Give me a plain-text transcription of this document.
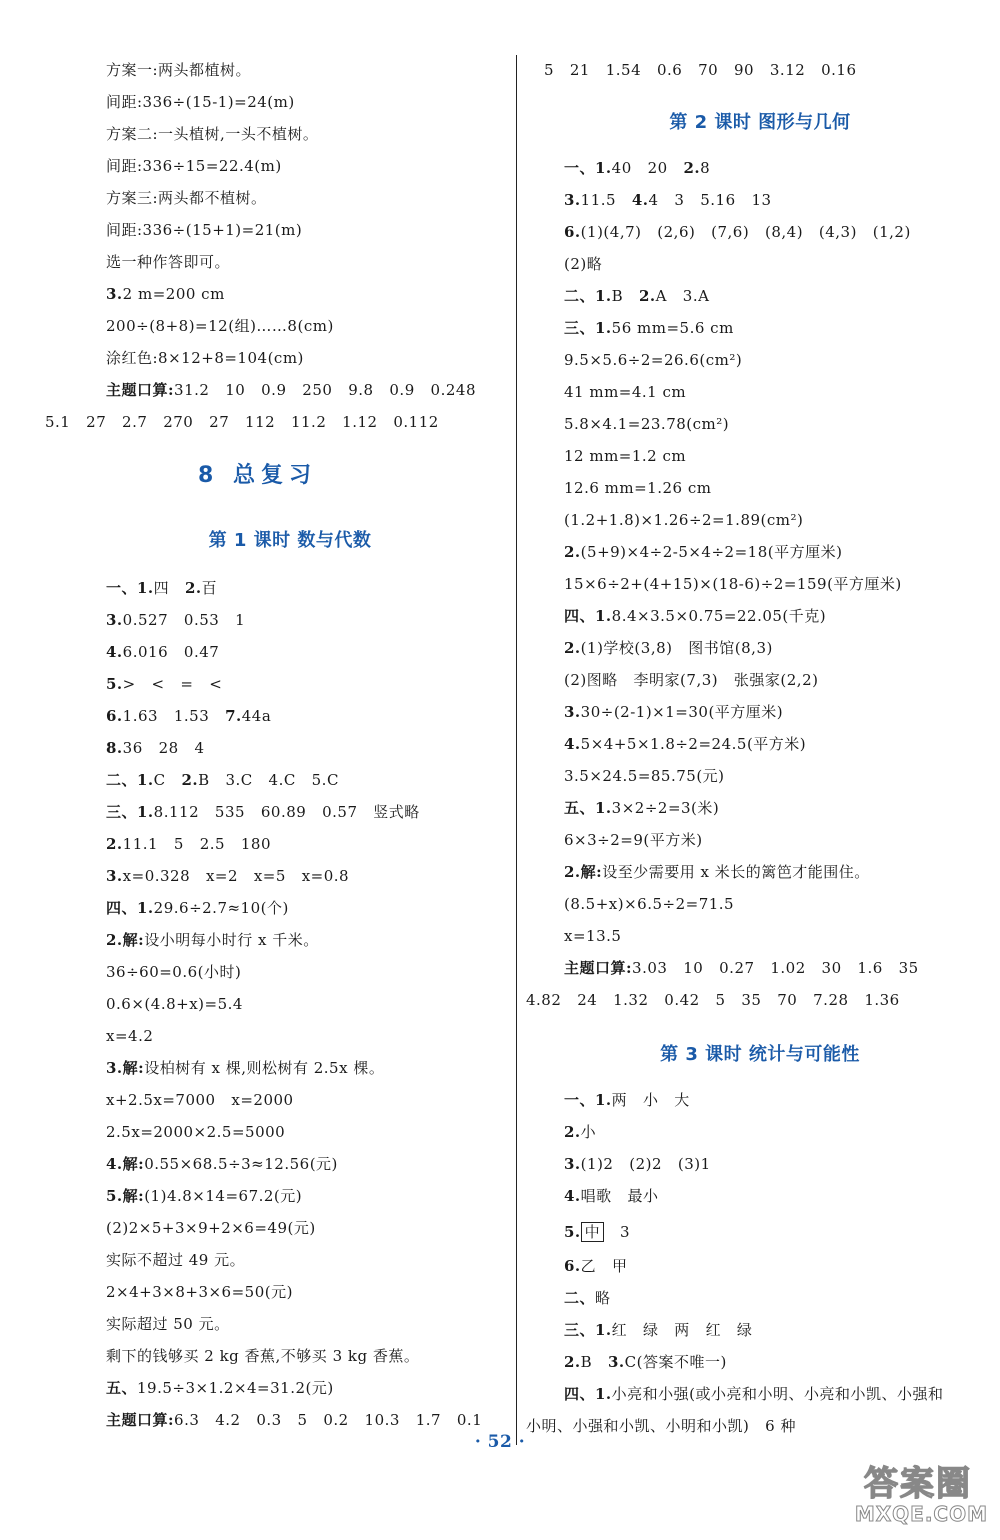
方案一:两头都植树。
间距:336÷(15-1)=24(m)
方案二:一头植树,一头不植树。
间距:336÷15=22.4(m)
方案三:两头都不植树。
间距:336÷(15+1)=21(m)
选一种作答即可。
3.2 m=200 cm
200÷(8+8)=12(组)……8(cm)
涂红色:8×12+8=104(cm)
主题口算:31.2   10   0.9   250   9.8   0.9   0.248
5.1   27   2.7   270   27   112   11.2   1.12   0.112
8 总复习
第 1 课时 数与代数
一、1.四   2.百
3.0.527   0.53   1
4.6.016   0.47
5.>   <   =   <
6.1.63   1.53   7.44a
8.36   28   4
二、1.C   2.B   3.C   4.C   5.C
三、1.8.112   535   60.89   0.57   竖式略
2.11.1   5   2.5   180
3.x=0.328   x=2   x=5   x=0.8
四、1.29.6÷2.7≈10(个)
2.解:设小明每小时行 x 千米。
36÷60=0.6(小时)
0.6×(4.8+x)=5.4
x=4.2
3.解:设柏树有 x 棵,则松树有 2.5x 棵。
x+2.5x=7000   x=2000
2.5x=2000×2.5=5000
4.解:0.55×68.5÷3≈12.56(元)
5.解:(1)4.8×14=67.2(元)
(2)2×5+3×9+2×6=49(元)
实际不超过 49 元。
2×4+3×8+3×6=50(元)
实际超过 50 元。
剩下的钱够买 2 kg 香蕉,不够买 3 kg 香蕉。
五、19.5÷3×1.2×4=31.2(元)
主题口算:6.3   4.2   0.3   5   0.2   10.3   1.7   0.1
5   21   1.54   0.6   70   90   3.12   0.16
第 2 课时 图形与几何
一、1.40   20   2.8
3.11.5   4.4   3   5.16   13
6.(1)(4,7)   (2,6)   (7,6)   (8,4)   (4,3)   (1,2)
(2)略
二、1.B   2.A   3.A
三、1.56 mm=5.6 cm
9.5×5.6÷2=26.6(cm²)
41 mm=4.1 cm
5.8×4.1=23.78(cm²)
12 mm=1.2 cm
12.6 mm=1.26 cm
(1.2+1.8)×1.26÷2=1.89(cm²)
2.(5+9)×4÷2-5×4÷2=18(平方厘米)
15×6÷2+(4+15)×(18-6)÷2=159(平方厘米)
四、1.8.4×3.5×0.75=22.05(千克)
2.(1)学校(3,8)   图书馆(8,3)
(2)图略   李明家(7,3)   张强家(2,2)
3.30÷(2-1)×1=30(平方厘米)
4.5×4+5×1.8÷2=24.5(平方米)
3.5×24.5=85.75(元)
五、1.3×2÷2=3(米)
6×3÷2=9(平方米)
2.解:设至少需要用 x 米长的篱笆才能围住。
(8.5+x)×6.5÷2=71.5
x=13.5
主题口算:3.03   10   0.27   1.02   30   1.6   35
4.82   24   1.32   0.42   5   35   70   7.28   1.36
第 3 课时 统计与可能性
一、1.两   小   大
2.小
3.(1)2   (2)2   (3)1
4.唱歌   最小
5. 中   3
6.乙   甲
二、略
三、1.红   绿   两   红   绿
2.B   3.C(答案不唯一)
四、1.小亮和小强(或小亮和小明、小亮和小凯、小强和
小明、小强和小凯、小明和小凯)   6 种
· 52 ·
答案圈
MXQE.COM
